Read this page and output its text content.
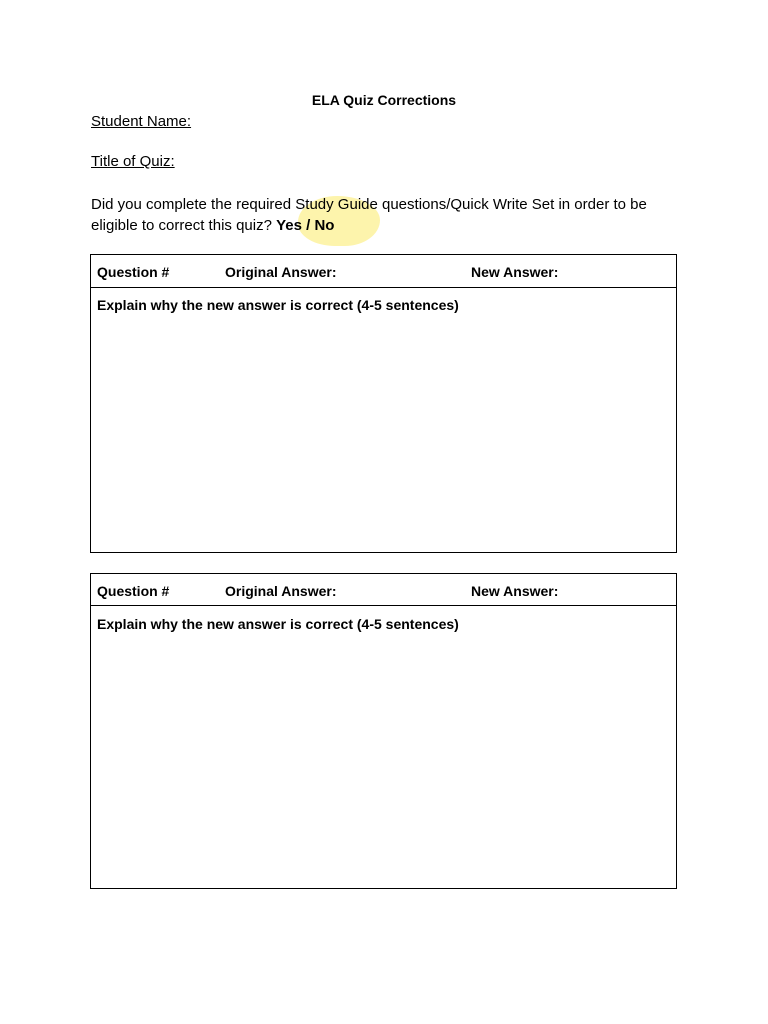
ELA Quiz Corrections
Student Name:
Title of Quiz:
Did you complete the required Study Guide questions/Quick Write Set in order to be eligible to correct this quiz? Yes / No
Question #	Original Answer:	New Answer:
Explain why the new answer is correct (4-5 sentences)
Question #	Original Answer:	New Answer:
Explain why the new answer is correct (4-5 sentences)
